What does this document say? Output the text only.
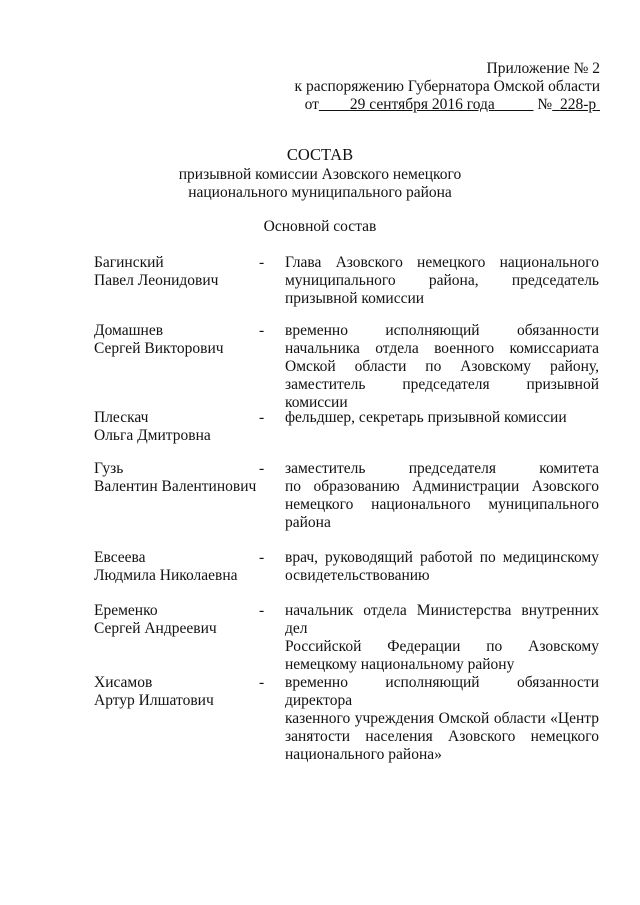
Приложение № 2
к распоряжению Губернатора Омской области
от 29 сентября 2016 года	№ 228-р
СОСТАВ
призывной комиссии Азовского немецкого
национального муниципального района
Основной состав
Багинский
Павел Леонидович
-	Глава Азовского немецкого национального
муниципального района, председатель
призывной комиссии
Домашнев
Сергей Викторович
-	временно исполняющий обязанности
начальника отдела военного комиссариата
Омской области по Азовскому району,
заместитель председателя призывной комиссии
Плескач
Ольга Дмитровна
-	фельдшер, секретарь призывной комиссии
Гузь
Валентин Валентинович
-	заместитель председателя комитета
по образованию Администрации Азовского
немецкого национального муниципального
района
Евсеева
Людмила Николаевна
-	врач, руководящий работой по медицинскому
освидетельствованию
Еременко
Сергей Андреевич
-	начальник отдела Министерства внутренних дел
Российской Федерации по Азовскому
немецкому национальному району
Хисамов
Артур Илшатович
-	временно исполняющий обязанности директора
казенного учреждения Омской области «Центр
занятости населения Азовского немецкого
национального района»
